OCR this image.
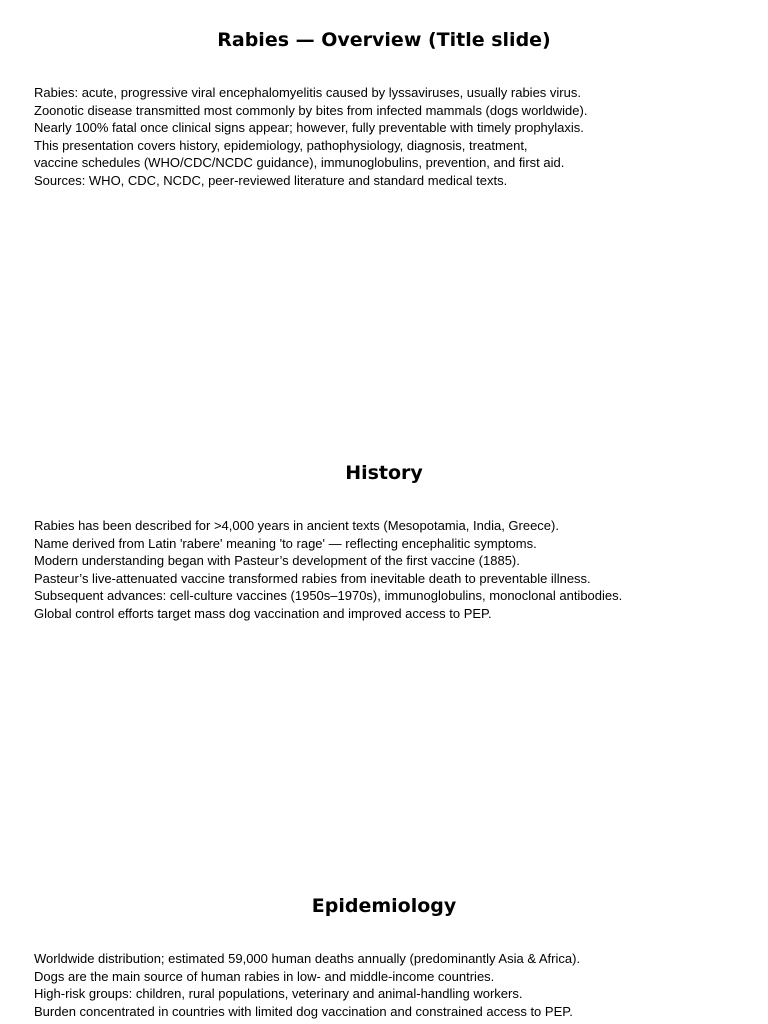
Rabies — Overview (Title slide)
Rabies: acute, progressive viral encephalomyelitis caused by lyssaviruses, usually rabies virus.
Zoonotic disease transmitted most commonly by bites from infected mammals (dogs worldwide).
Nearly 100% fatal once clinical signs appear; however, fully preventable with timely prophylaxis.
This presentation covers history, epidemiology, pathophysiology, diagnosis, treatment,
vaccine schedules (WHO/CDC/NCDC guidance), immunoglobulins, prevention, and first aid.
Sources: WHO, CDC, NCDC, peer-reviewed literature and standard medical texts.
History
Rabies has been described for >4,000 years in ancient texts (Mesopotamia, India, Greece).
Name derived from Latin 'rabere' meaning 'to rage' — reflecting encephalitic symptoms.
Modern understanding began with Pasteur’s development of the first vaccine (1885).
Pasteur’s live-attenuated vaccine transformed rabies from inevitable death to preventable illness.
Subsequent advances: cell-culture vaccines (1950s–1970s), immunoglobulins, monoclonal antibodies.
Global control efforts target mass dog vaccination and improved access to PEP.
Epidemiology
Worldwide distribution; estimated 59,000 human deaths annually (predominantly Asia & Africa).
Dogs are the main source of human rabies in low- and middle-income countries.
High-risk groups: children, rural populations, veterinary and animal-handling workers.
Burden concentrated in countries with limited dog vaccination and constrained access to PEP.
